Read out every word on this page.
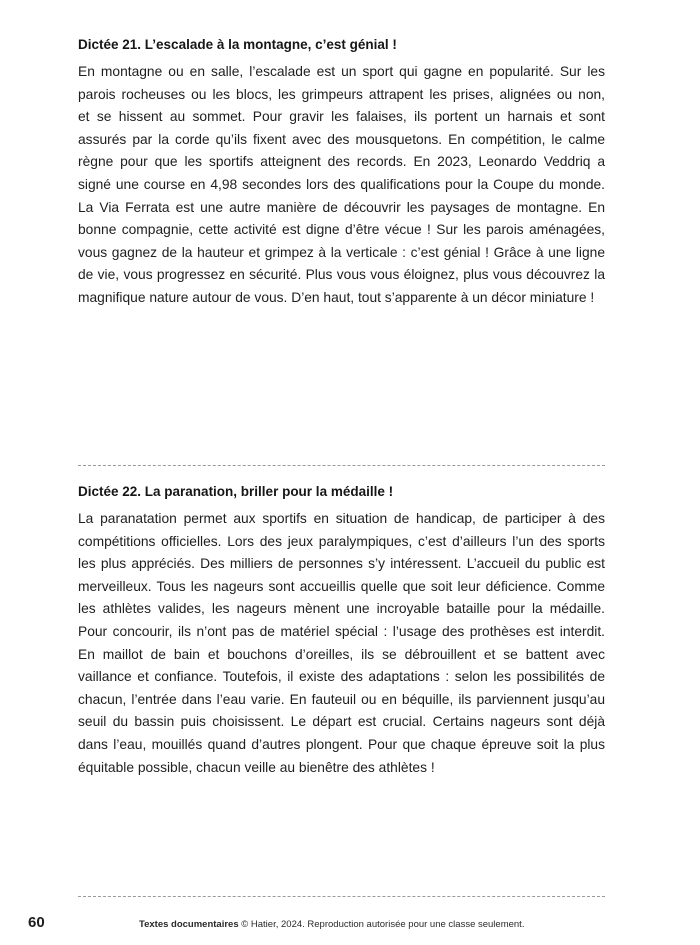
Dictée 21. L’escalade à la montagne, c’est génial !
En montagne ou en salle, l’escalade est un sport qui gagne en popularité. Sur les
parois rocheuses ou les blocs, les grimpeurs attrapent les prises, alignées ou non,
et se hissent au sommet. Pour gravir les falaises, ils portent un harnais et sont
assurés par la corde qu’ils fixent avec des mousquetons. En compétition, le calme
règne pour que les sportifs atteignent des records. En 2023, Leonardo Veddriq a
signé une course en 4,98 secondes lors des qualifications pour la Coupe du monde.
La Via Ferrata est une autre manière de découvrir les paysages de montagne. En
bonne compagnie, cette activité est digne d’être vécue ! Sur les parois aménagées,
vous gagnez de la hauteur et grimpez à la verticale : c’est génial ! Grâce à une ligne
de vie, vous progressez en sécurité. Plus vous vous éloignez, plus vous découvrez la
magnifique nature autour de vous. D’en haut, tout s’apparente à un décor miniature !
Dictée 22. La paranation, briller pour la médaille !
La paranatation permet aux sportifs en situation de handicap, de participer à des
compétitions officielles. Lors des jeux paralympiques, c’est d’ailleurs l’un des sports
les plus appréciés. Des milliers de personnes s’y intéressent. L’accueil du public est
merveilleux. Tous les nageurs sont accueillis quelle que soit leur déficience. Comme
les athlètes valides, les nageurs mènent une incroyable bataille pour la médaille.
Pour concourir, ils n’ont pas de matériel spécial : l’usage des prothèses est interdit.
En maillot de bain et bouchons d’oreilles, ils se débrouillent et se battent avec
vaillance et confiance. Toutefois, il existe des adaptations : selon les possibilités de
chacun, l’entrée dans l’eau varie. En fauteuil ou en béquille, ils parviennent jusqu’au
seuil du bassin puis choisissent. Le départ est crucial. Certains nageurs sont déjà
dans l’eau, mouillés quand d’autres plongent. Pour que chaque épreuve soit la plus
équitable possible, chacun veille au bienêtre des athlètes !
60	Textes documentaires © Hatier, 2024. Reproduction autorisée pour une classe seulement.
